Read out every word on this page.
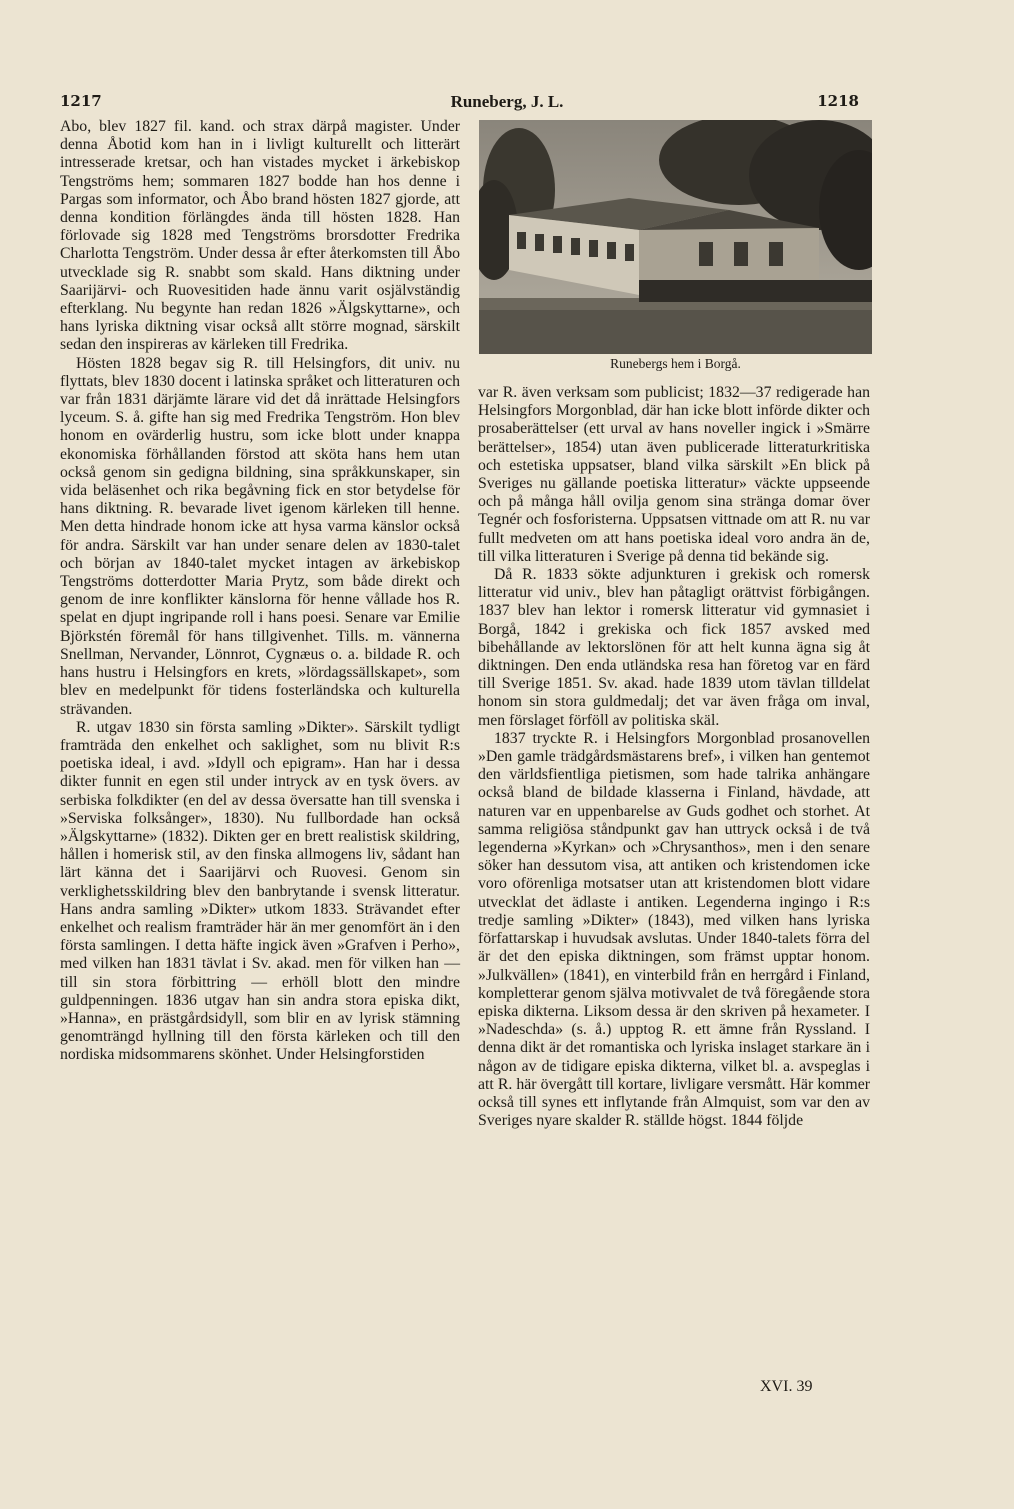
1217	Runeberg, J. L.	1218

Abo, blev 1827 fil. kand. och strax därpå magister. Under denna Åbotid kom han in i livligt kulturellt och litterärt intresserade kretsar, och han vistades mycket i ärkebiskop Tengströms hem; sommaren 1827 bodde han hos denne i Pargas som informator, och Åbo brand hösten 1827 gjorde, att denna kondition förlängdes ända till hösten 1828. Han förlovade sig 1828 med Tengströms brorsdotter Fredrika Charlotta Tengström. Under dessa år efter återkomsten till Åbo utvecklade sig R. snabbt som skald. Hans diktning under Saarijärvi- och Ruovesitiden hade ännu varit osjälvständig efterklang. Nu begynte han redan 1826 »Älgskyttarne», och hans lyriska diktning visar också allt större mognad, särskilt sedan den inspireras av kärleken till Fredrika.

Hösten 1828 begav sig R. till Helsingfors, dit univ. nu flyttats, blev 1830 docent i latinska språket och litteraturen och var från 1831 därjämte lärare vid det då inrättade Helsingfors lyceum. S. å. gifte han sig med Fredrika Tengström. Hon blev honom en ovärderlig hustru, som icke blott under knappa ekonomiska förhållanden förstod att sköta hans hem utan också genom sin gedigna bildning, sina språkkunskaper, sin vida beläsenhet och rika begåvning fick en stor betydelse för hans diktning. R. bevarade livet igenom kärleken till henne. Men detta hindrade honom icke att hysa varma känslor också för andra. Särskilt var han under senare delen av 1830-talet och början av 1840-talet mycket intagen av ärkebiskop Tengströms dotterdotter Maria Prytz, som både direkt och genom de inre konflikter känslorna för henne vållade hos R. spelat en djupt ingripande roll i hans poesi. Senare var Emilie Björkstén föremål för hans tillgivenhet. Tills. m. vännerna Snellman, Nervander, Lönnrot, Cygnæus o. a. bildade R. och hans hustru i Helsingfors en krets, »lördagssällskapet», som blev en medelpunkt för tidens fosterländska och kulturella strävanden.

R. utgav 1830 sin första samling »Dikter». Särskilt tydligt framträda den enkelhet och saklighet, som nu blivit R:s poetiska ideal, i avd. »Idyll och epigram». Han har i dessa dikter funnit en egen stil under intryck av en tysk övers. av serbiska folkdikter (en del av dessa översatte han till svenska i »Serviska folksånger», 1830). Nu fullbordade han också »Älgskyttarne» (1832). Dikten ger en brett realistisk skildring, hållen i homerisk stil, av den finska allmogens liv, sådant han lärt känna det i Saarijärvi och Ruovesi. Genom sin verklighetsskildring blev den banbrytande i svensk litteratur. Hans andra samling »Dikter» utkom 1833. Strävandet efter enkelhet och realism framträder här än mer genomfört än i den första samlingen. I detta häfte ingick även »Grafven i Perho», med vilken han 1831 tävlat i Sv. akad. men för vilken han — till sin stora förbittring — erhöll blott den mindre guldpenningen. 1836 utgav han sin andra stora episka dikt, »Hanna», en prästgårdsidyll, som blir en av lyrisk stämning genomträngd hyllning till den första kärleken och till den nordiska midsommarens skönhet. Under Helsingforstiden

Runebergs hem i Borgå.

var R. även verksam som publicist; 1832—37 redigerade han Helsingfors Morgonblad, där han icke blott införde dikter och prosaberättelser (ett urval av hans noveller ingick i »Smärre berättelser», 1854) utan även publicerade litteraturkritiska och estetiska uppsatser, bland vilka särskilt »En blick på Sveriges nu gällande poetiska litteratur» väckte uppseende och på många håll ovilja genom sina stränga domar över Tegnér och fosforisterna. Uppsatsen vittnade om att R. nu var fullt medveten om att hans poetiska ideal voro andra än de, till vilka litteraturen i Sverige på denna tid bekände sig.

Då R. 1833 sökte adjunkturen i grekisk och romersk litteratur vid univ., blev han påtagligt orättvist förbigången. 1837 blev han lektor i romersk litteratur vid gymnasiet i Borgå, 1842 i grekiska och fick 1857 avsked med bibehållande av lektorslönen för att helt kunna ägna sig åt diktningen. Den enda utländska resa han företog var en färd till Sverige 1851. Sv. akad. hade 1839 utom tävlan tilldelat honom sin stora guldmedalj; det var även fråga om inval, men förslaget förföll av politiska skäl.

1837 tryckte R. i Helsingfors Morgonblad prosanovellen »Den gamle trädgårdsmästarens bref», i vilken han gentemot den världsfientliga pietismen, som hade talrika anhängare också bland de bildade klasserna i Finland, hävdade, att naturen var en uppenbarelse av Guds godhet och storhet. At samma religiösa ståndpunkt gav han uttryck också i de två legenderna »Kyrkan» och »Chrysanthos», men i den senare söker han dessutom visa, att antiken och kristendomen icke voro oförenliga motsatser utan att kristendomen blott vidare utvecklat det ädlaste i antiken. Legenderna ingingo i R:s tredje samling »Dikter» (1843), med vilken hans lyriska författarskap i huvudsak avslutas. Under 1840-talets förra del är det den episka diktningen, som främst upptar honom. »Julkvällen» (1841), en vinterbild från en herrgård i Finland, kompletterar genom själva motivvalet de två föregående stora episka dikterna. Liksom dessa är den skriven på hexameter. I »Nadeschda» (s. å.) upptog R. ett ämne från Ryssland. I denna dikt är det romantiska och lyriska inslaget starkare än i någon av de tidigare episka dikterna, vilket bl. a. avspeglas i att R. här övergått till kortare, livligare versmått. Här kommer också till synes ett inflytande från Almquist, som var den av Sveriges nyare skalder R. ställde högst. 1844 följde

XVI. 39
